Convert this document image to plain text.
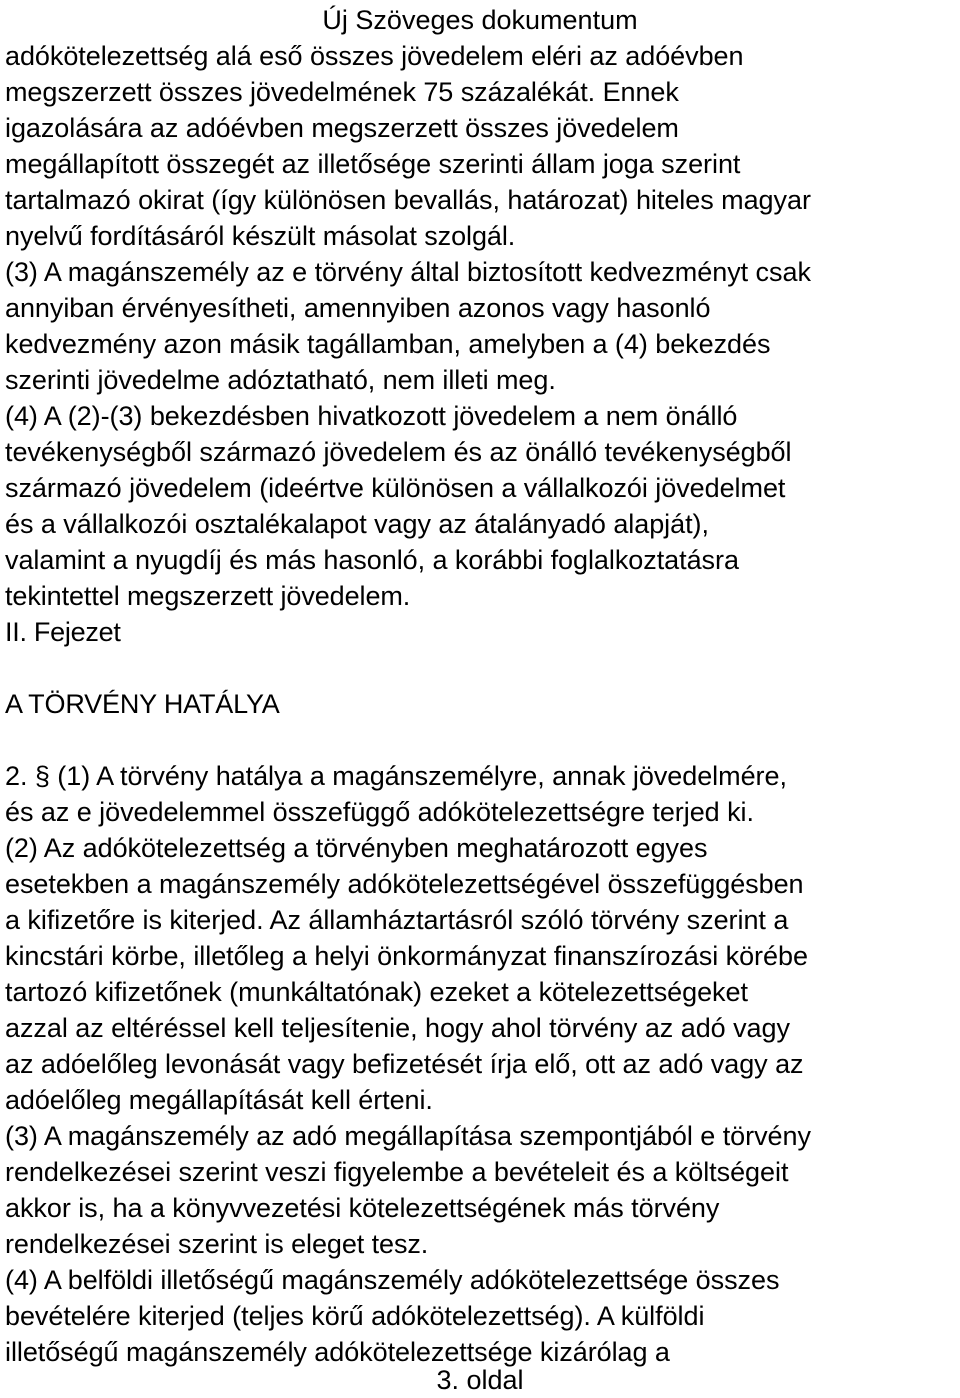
Új Szöveges dokumentum
adókötelezettség alá eső összes jövedelem eléri az adóévben
megszerzett összes jövedelmének 75 százalékát. Ennek
igazolására az adóévben megszerzett összes jövedelem
megállapított összegét az illetősége szerinti állam joga szerint
tartalmazó okirat (így különösen bevallás, határozat) hiteles magyar
nyelvű fordításáról készült másolat szolgál.
(3) A magánszemély az e törvény által biztosított kedvezményt csak
annyiban érvényesítheti, amennyiben azonos vagy hasonló
kedvezmény azon másik tagállamban, amelyben a (4) bekezdés
szerinti jövedelme adóztatható, nem illeti meg.
(4) A (2)-(3) bekezdésben hivatkozott jövedelem a nem önálló
tevékenységből származó jövedelem és az önálló tevékenységből
származó jövedelem (ideértve különösen a vállalkozói jövedelmet
és a vállalkozói osztalékalapot vagy az átalányadó alapját),
valamint a nyugdíj és más hasonló, a korábbi foglalkoztatásra
tekintettel megszerzett jövedelem.
II. Fejezet
A TÖRVÉNY HATÁLYA
2. § (1) A törvény hatálya a magánszemélyre, annak jövedelmére,
és az e jövedelemmel összefüggő adókötelezettségre terjed ki.
(2) Az adókötelezettség a törvényben meghatározott egyes
esetekben a magánszemély adókötelezettségével összefüggésben
a kifizetőre is kiterjed. Az államháztartásról szóló törvény szerint a
kincstári körbe, illetőleg a helyi önkormányzat finanszírozási körébe
tartozó kifizetőnek (munkáltatónak) ezeket a kötelezettségeket
azzal az eltéréssel kell teljesítenie, hogy ahol törvény az adó vagy
az adóelőleg levonását vagy befizetését írja elő, ott az adó vagy az
adóelőleg megállapítását kell érteni.
(3) A magánszemély az adó megállapítása szempontjából e törvény
rendelkezései szerint veszi figyelembe a bevételeit és a költségeit
akkor is, ha a könyvvezetési kötelezettségének más törvény
rendelkezései szerint is eleget tesz.
(4) A belföldi illetőségű magánszemély adókötelezettsége összes
bevételére kiterjed (teljes körű adókötelezettség). A külföldi
illetőségű magánszemély adókötelezettsége kizárólag a
3. oldal
